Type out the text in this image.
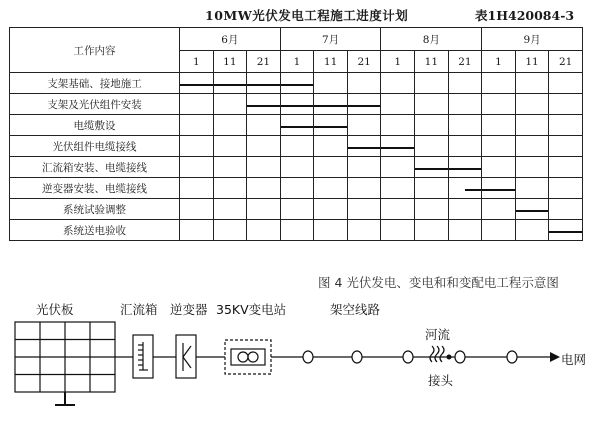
10MW光伏发电工程施工进度计划	表1H420084-3
工作内容	6月			7月			8月			9月		
	1	11	21	1	11	21	1	11	21	1	11	21
支架基础、接地施工	

支架及光伏组件安装			

电缆敷设				

光伏组件电缆接线						

汇流箱安装、电缆接线								

逆变器安装、电缆接线									

系统试验调整											

系统送电验收												
图 4 光伏发电、变电和和变配电工程示意图
光伏板	汇流箱 逆变器 35KV变电站	架空线路
河流
接头
电网
